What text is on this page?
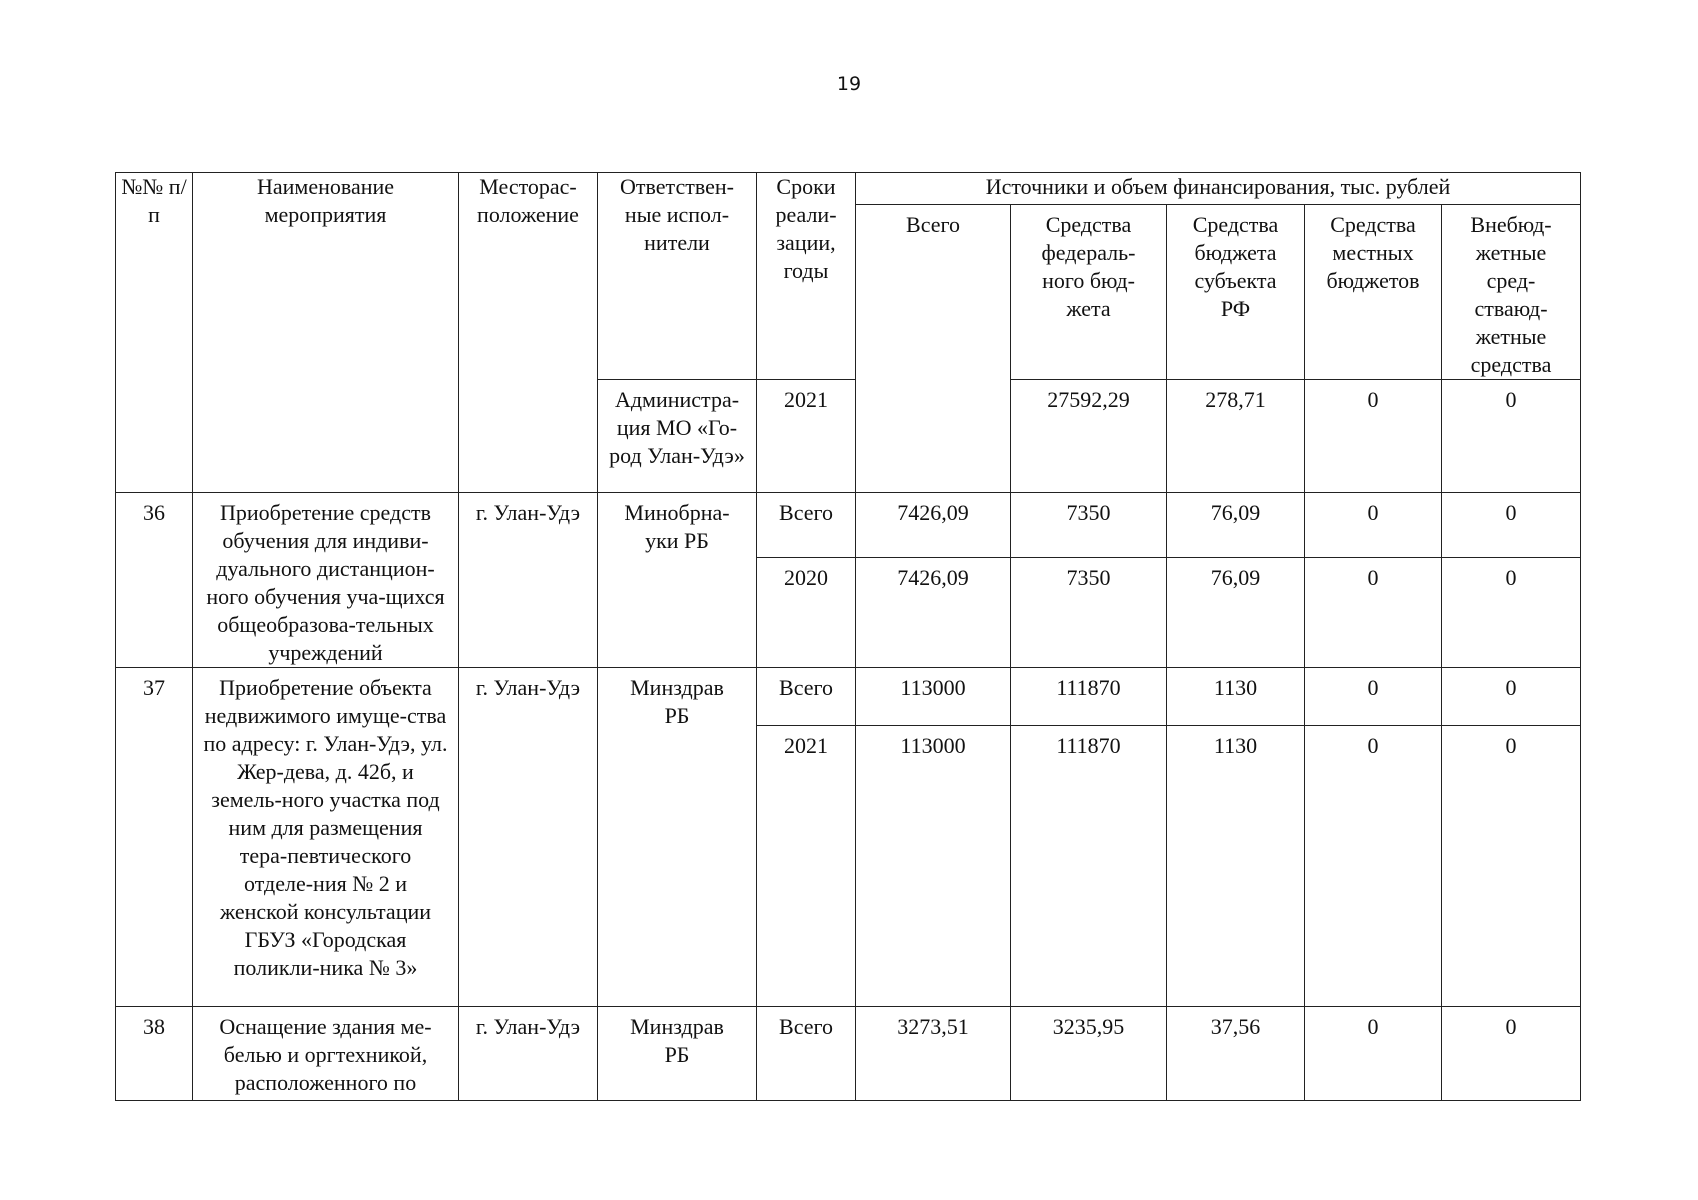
19
№№ п/п	Наименование мероприятия	Месторас-положение	Ответствен-ные испол-нители	Сроки реали-зации, годы	Источники и объем финансирования, тыс. рублей				
					Всего	Средства федераль-ного бюд-жета	Средства бюджета субъекта РФ	Средства местных бюджетов	Внебюд-жетные сред-стваюд-жетные средства

			Администра-ция МО «Го-род Улан-Удэ»	2021		27592,29	278,71	0	0
36	Приобретение средств обучения для индиви-дуального дистанцион-ного обучения уча-щихся общеобразова-тельных учреждений	г. Улан-Удэ	Минобрна-уки РБ	Всего	7426,09	7350	76,09	0	0
				2020	7426,09	7350	76,09	0	0
37	Приобретение объекта недвижимого имуще-ства по адресу: г. Улан-Удэ, ул. Жер-дева, д. 42б, и земель-ного участка под ним для размещения тера-певтического отделе-ния № 2 и женской консультации ГБУЗ «Городская поликли-ника № 3»	г. Улан-Удэ	Минздрав РБ	Всего	113000	111870	1130	0	0
				2021	113000	111870	1130	0	0
38	Оснащение здания ме-белью и оргтехникой, расположенного по	г. Улан-Удэ	Минздрав РБ	Всего	3273,51	3235,95	37,56	0	0
